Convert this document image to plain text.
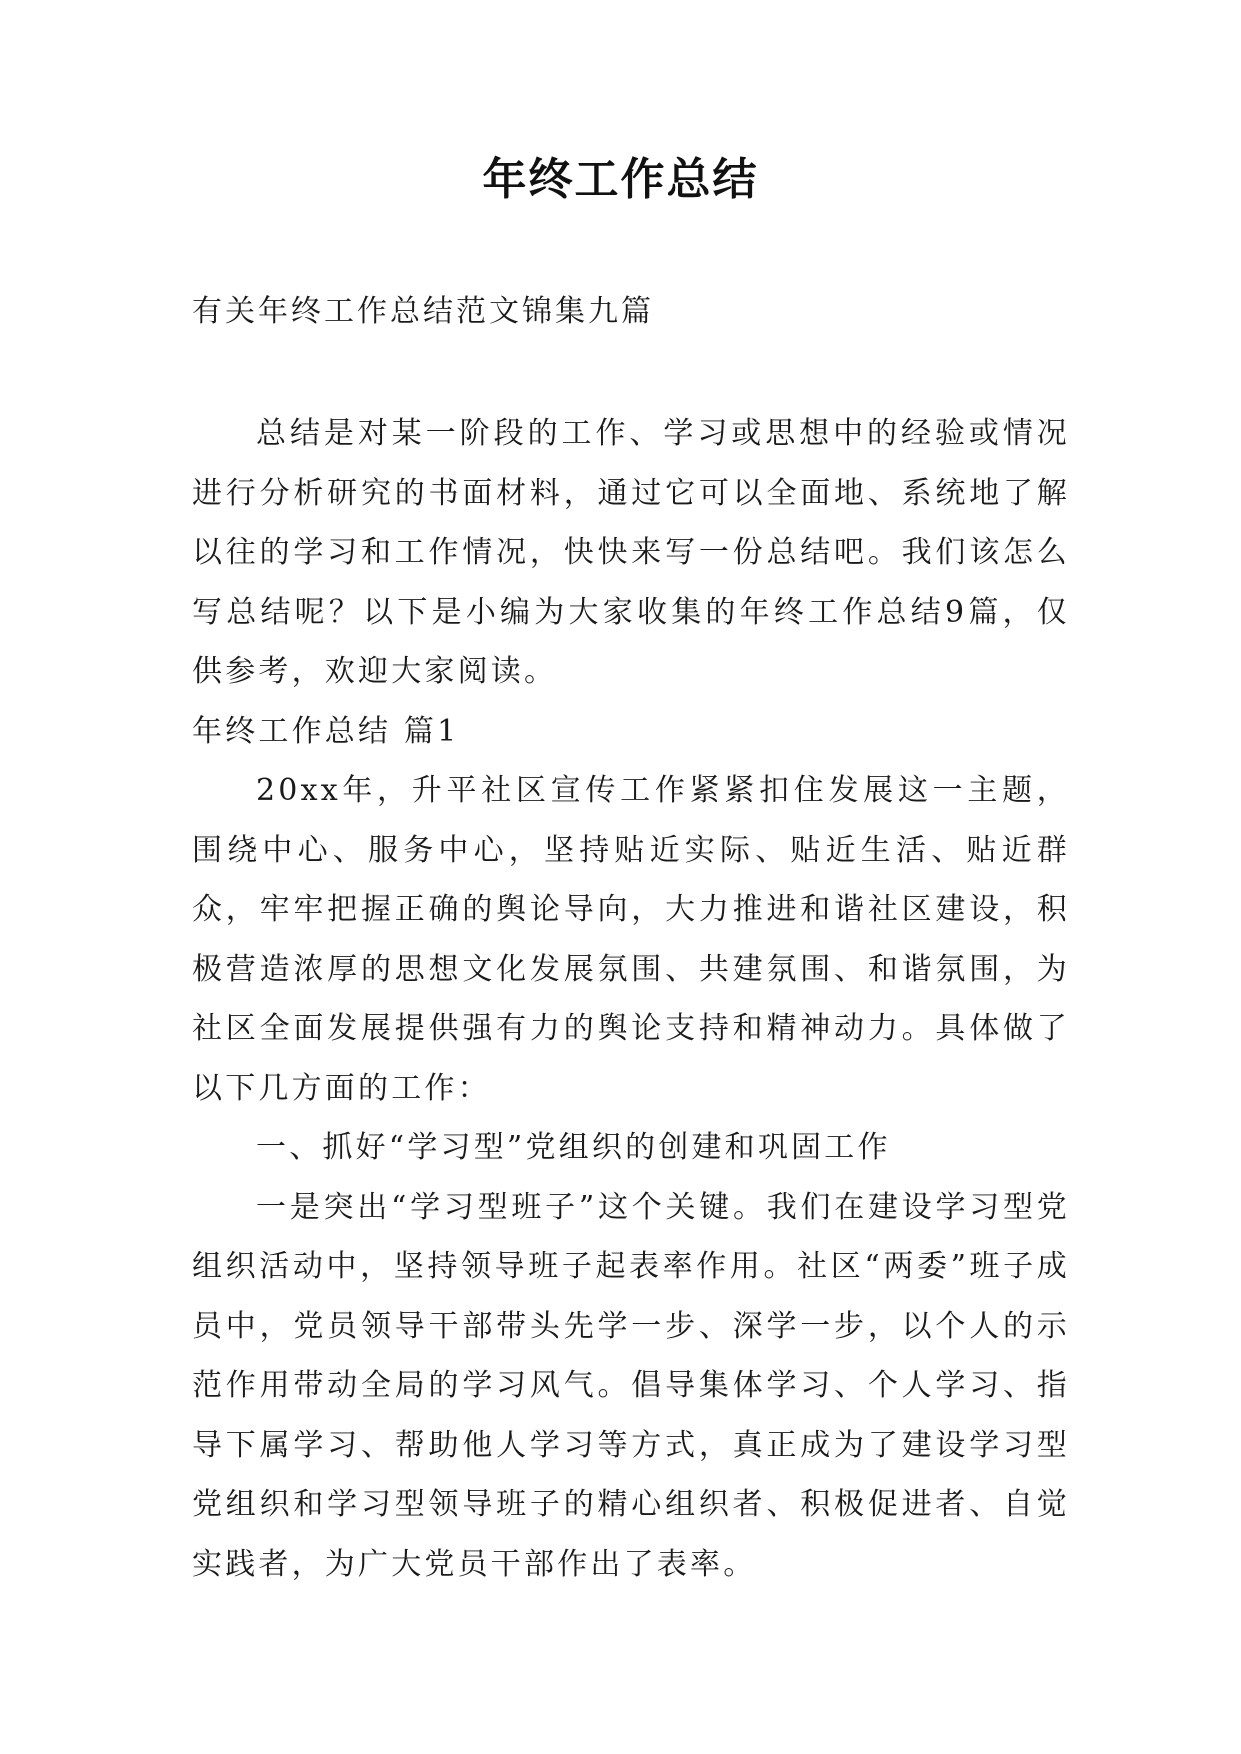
年终工作总结

有关年终工作总结范文锦集九篇

总结是对某一阶段的工作、学习或思想中的经验或情况进行分析研究的书面材料，通过它可以全面地、系统地了解以往的学习和工作情况，快快来写一份总结吧。我们该怎么写总结呢？以下是小编为大家收集的年终工作总结9篇，仅供参考，欢迎大家阅读。

年终工作总结 篇1

20xx年，升平社区宣传工作紧紧扣住发展这一主题，围绕中心、服务中心，坚持贴近实际、贴近生活、贴近群众，牢牢把握正确的舆论导向，大力推进和谐社区建设，积极营造浓厚的思想文化发展氛围、共建氛围、和谐氛围，为社区全面发展提供强有力的舆论支持和精神动力。具体做了以下几方面的工作：

一、抓好“学习型”党组织的创建和巩固工作

一是突出“学习型班子”这个关键。我们在建设学习型党组织活动中，坚持领导班子起表率作用。社区“两委”班子成员中，党员领导干部带头先学一步、深学一步，以个人的示范作用带动全局的学习风气。倡导集体学习、个人学习、指导下属学习、帮助他人学习等方式，真正成为了建设学习型党组织和学习型领导班子的精心组织者、积极促进者、自觉实践者，为广大党员干部作出了表率。
